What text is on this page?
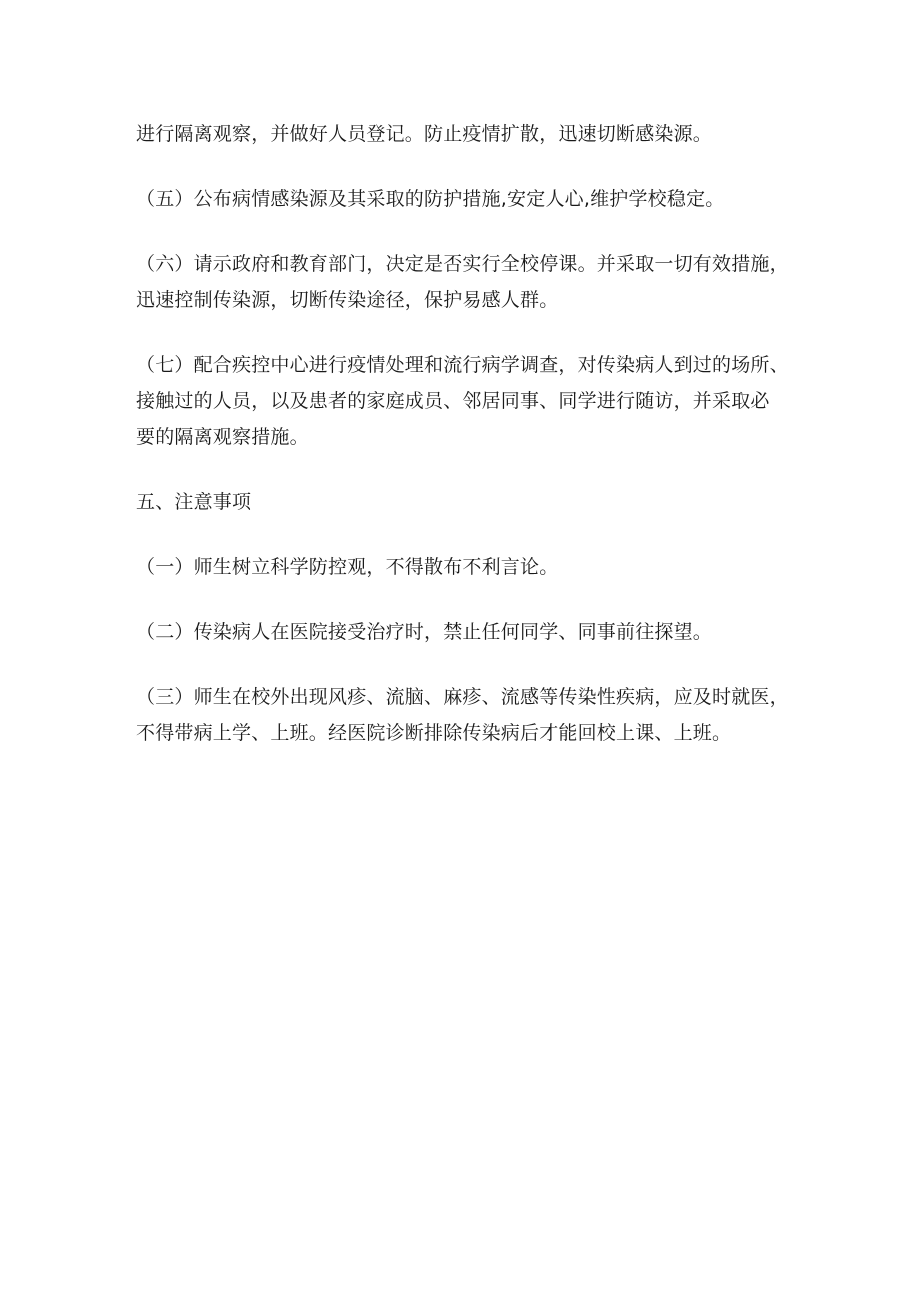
进行隔离观察，并做好人员登记。防止疫情扩散，迅速切断感染源。

（五）公布病情感染源及其采取的防护措施,安定人心,维护学校稳定。

（六）请示政府和教育部门，决定是否实行全校停课。并采取一切有效措施，
迅速控制传染源，切断传染途径，保护易感人群。

（七）配合疾控中心进行疫情处理和流行病学调查，对传染病人到过的场所、
接触过的人员，以及患者的家庭成员、邻居同事、同学进行随访，并采取必
要的隔离观察措施。

五、注意事项

（一）师生树立科学防控观，不得散布不利言论。

（二）传染病人在医院接受治疗时，禁止任何同学、同事前往探望。

（三）师生在校外出现风疹、流脑、麻疹、流感等传染性疾病，应及时就医，
不得带病上学、上班。经医院诊断排除传染病后才能回校上课、上班。
